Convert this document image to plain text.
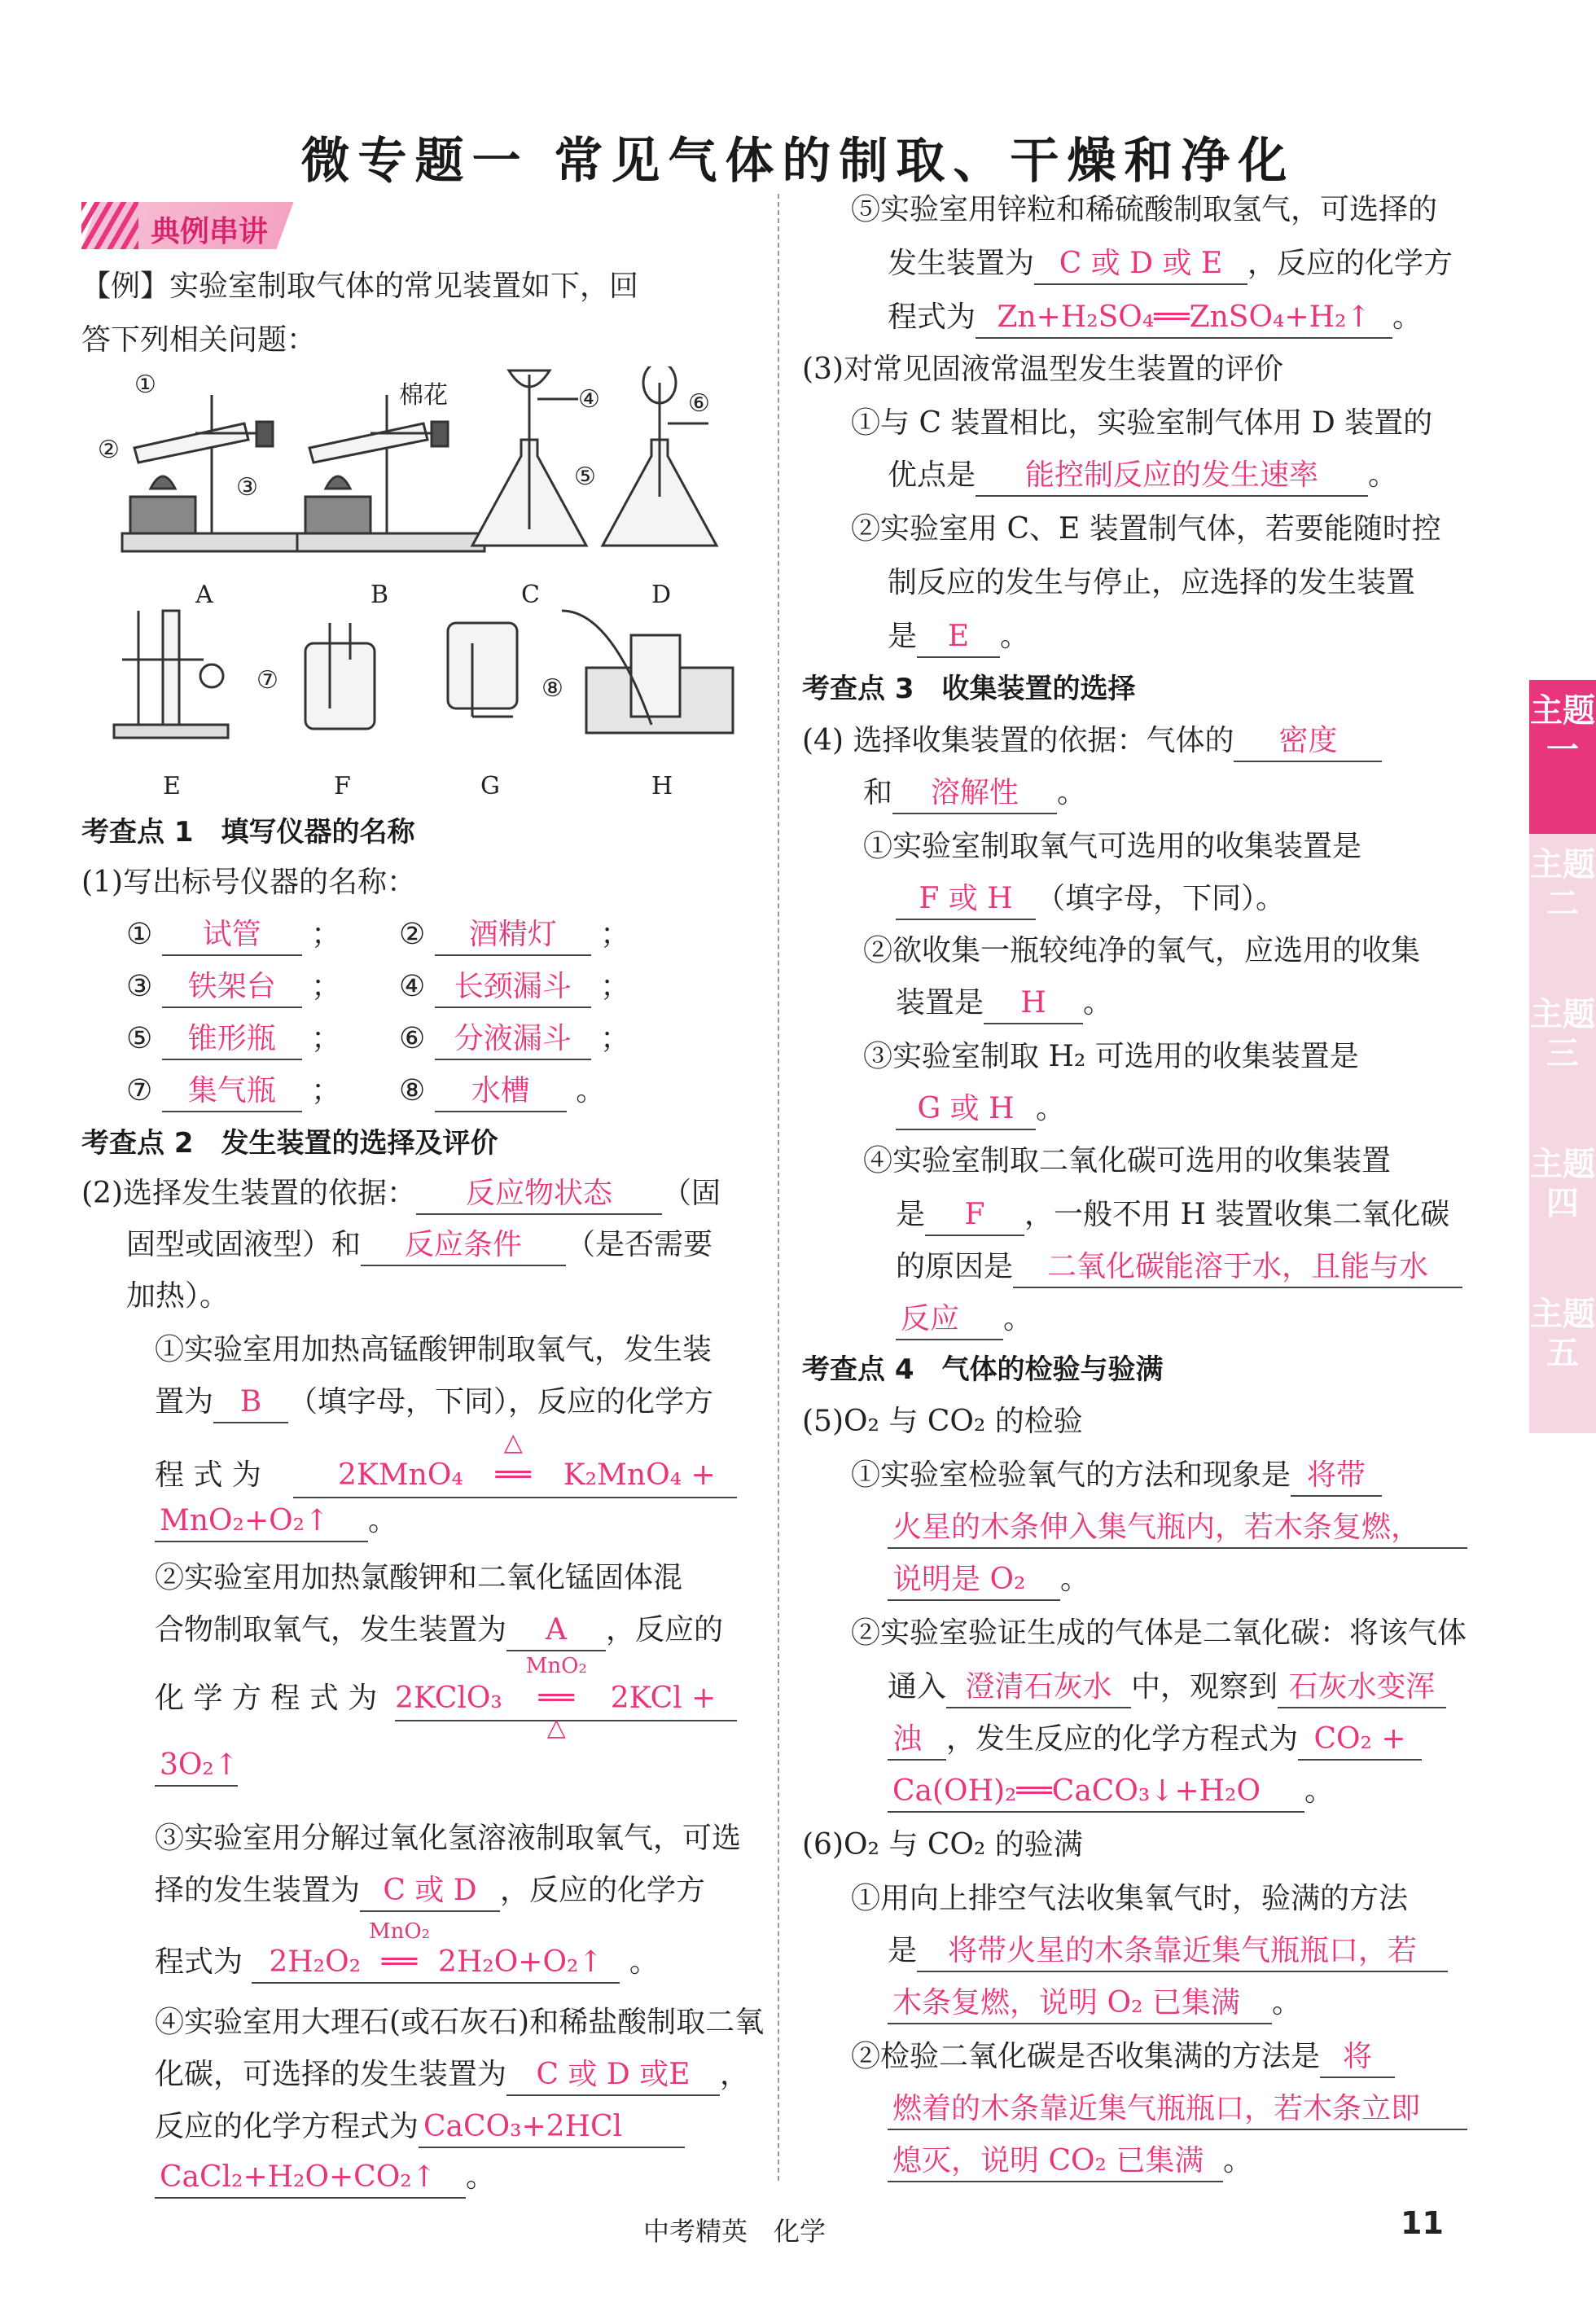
微专题一 常见气体的制取、干燥和净化
典例串讲
【例】实验室制取气体的常见装置如下，回
答下列相关问题：
A	B	C	D
E	F	G	H
①
②
③
④
⑤
⑥
⑦	⑧
棉花
考查点 1　填写仪器的名称
(1)写出标号仪器的名称：
① 试管 ； ② 酒精灯 ；
③ 铁架台 ； ④ 长颈漏斗 ；
⑤ 锥形瓶 ； ⑥ 分液漏斗 ；
⑦ 集气瓶 ； ⑧ 水槽 。
考查点 2　发生装置的选择及评价
(2)选择发生装置的依据： 反应物状态 （固
固型或固液型）和 反应条件 （是否需要
加热）。
①实验室用加热高锰酸钾制取氧气，发生装
置为 B （填字母，下同），反应的化学方
程 式 为	2KMnO₄
△
══ K₂MnO₄ +
MnO₂+O₂↑ 。
②实验室用加热氯酸钾和二氧化锰固体混
合物制取氧气，发生装置为 A ，反应的
化 学 方 程 式 为 2KClO₃
MnO₂
══
△
2KCl +
3O₂↑
③实验室用分解过氧化氢溶液制取氧气，可选
择的发生装置为 C 或 D ，反应的化学方
程式为 2H₂O₂
MnO₂
══ 2H₂O+O₂↑ 。
④实验室用大理石(或石灰石)和稀盐酸制取二氧
化碳，可选择的发生装置为 C 或 D 或E ，
反应的化学方程式为 CaCO₃+2HCl
CaCl₂+H₂O+CO₂↑ 。
⑤实验室用锌粒和稀硫酸制取氢气，可选择的
发生装置为 C 或 D 或 E ，反应的化学方
程式为 Zn+H₂SO₄══ZnSO₄+H₂↑ 。
(3)对常见固液常温型发生装置的评价
①与 C 装置相比，实验室制气体用 D 装置的
优点是 能控制反应的发生速率 。
②实验室用 C、E 装置制气体，若要能随时控
制反应的发生与停止，应选择的发生装置
是 E 。
考查点 3　收集装置的选择
(4) 选择收集装置的依据：气体的 密度
和 溶解性 。
①实验室制取氧气可选用的收集装置是
F 或 H （填字母，下同）。
②欲收集一瓶较纯净的氧气，应选用的收集
装置是 H 。
③实验室制取 H₂ 可选用的收集装置是
G 或 H 。
④实验室制取二氧化碳可选用的收集装置
是 F ，一般不用 H 装置收集二氧化碳
的原因是 二氧化碳能溶于水，且能与水
反应 。
考查点 4　气体的检验与验满
(5)O₂ 与 CO₂ 的检验
①实验室检验氧气的方法和现象是 将带
火星的木条伸入集气瓶内，若木条复燃，
说明是 O₂ 。
②实验室验证生成的气体是二氧化碳：将该气体
通入 澄清石灰水 中，观察到 石灰水变浑
浊 ，发生反应的化学方程式为 CO₂ +
Ca(OH)₂══CaCO₃↓+H₂O 。
(6)O₂ 与 CO₂ 的验满
①用向上排空气法收集氧气时，验满的方法
是 将带火星的木条靠近集气瓶瓶口，若
木条复燃，说明 O₂ 已集满 。
②检验二氧化碳是否收集满的方法是 将
燃着的木条靠近集气瓶瓶口，若木条立即
熄灭，说明 CO₂ 已集满 。
主题一
主题二
主题三
主题四
主题五
中考精英　化学	11
